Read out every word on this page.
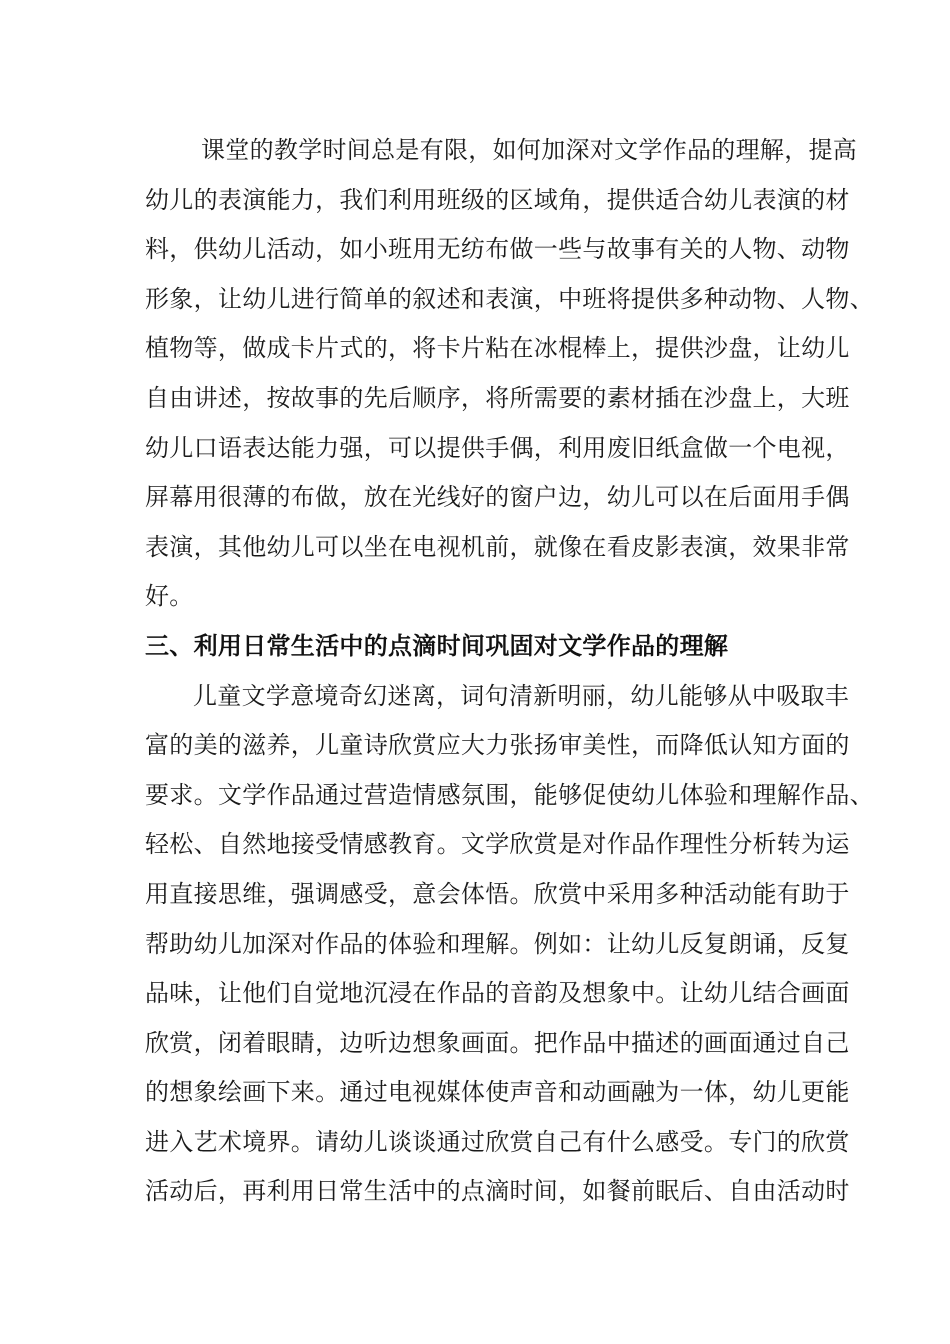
课堂的教学时间总是有限，如何加深对文学作品的理解，提高
幼儿的表演能力，我们利用班级的区域角，提供适合幼儿表演的材
料，供幼儿活动，如小班用无纺布做一些与故事有关的人物、动物
形象，让幼儿进行简单的叙述和表演，中班将提供多种动物、人物、
植物等，做成卡片式的，将卡片粘在冰棍棒上，提供沙盘，让幼儿
自由讲述，按故事的先后顺序，将所需要的素材插在沙盘上，大班
幼儿口语表达能力强，可以提供手偶，利用废旧纸盒做一个电视，
屏幕用很薄的布做，放在光线好的窗户边，幼儿可以在后面用手偶
表演，其他幼儿可以坐在电视机前，就像在看皮影表演，效果非常
好。
三、利用日常生活中的点滴时间巩固对文学作品的理解
儿童文学意境奇幻迷离，词句清新明丽，幼儿能够从中吸取丰
富的美的滋养，儿童诗欣赏应大力张扬审美性，而降低认知方面的
要求。文学作品通过营造情感氛围，能够促使幼儿体验和理解作品、
轻松、自然地接受情感教育。文学欣赏是对作品作理性分析转为运
用直接思维，强调感受，意会体悟。欣赏中采用多种活动能有助于
帮助幼儿加深对作品的体验和理解。例如：让幼儿反复朗诵，反复
品味，让他们自觉地沉浸在作品的音韵及想象中。让幼儿结合画面
欣赏，闭着眼睛，边听边想象画面。把作品中描述的画面通过自己
的想象绘画下来。通过电视媒体使声音和动画融为一体，幼儿更能
进入艺术境界。请幼儿谈谈通过欣赏自己有什么感受。专门的欣赏
活动后，再利用日常生活中的点滴时间，如餐前眠后、自由活动时
